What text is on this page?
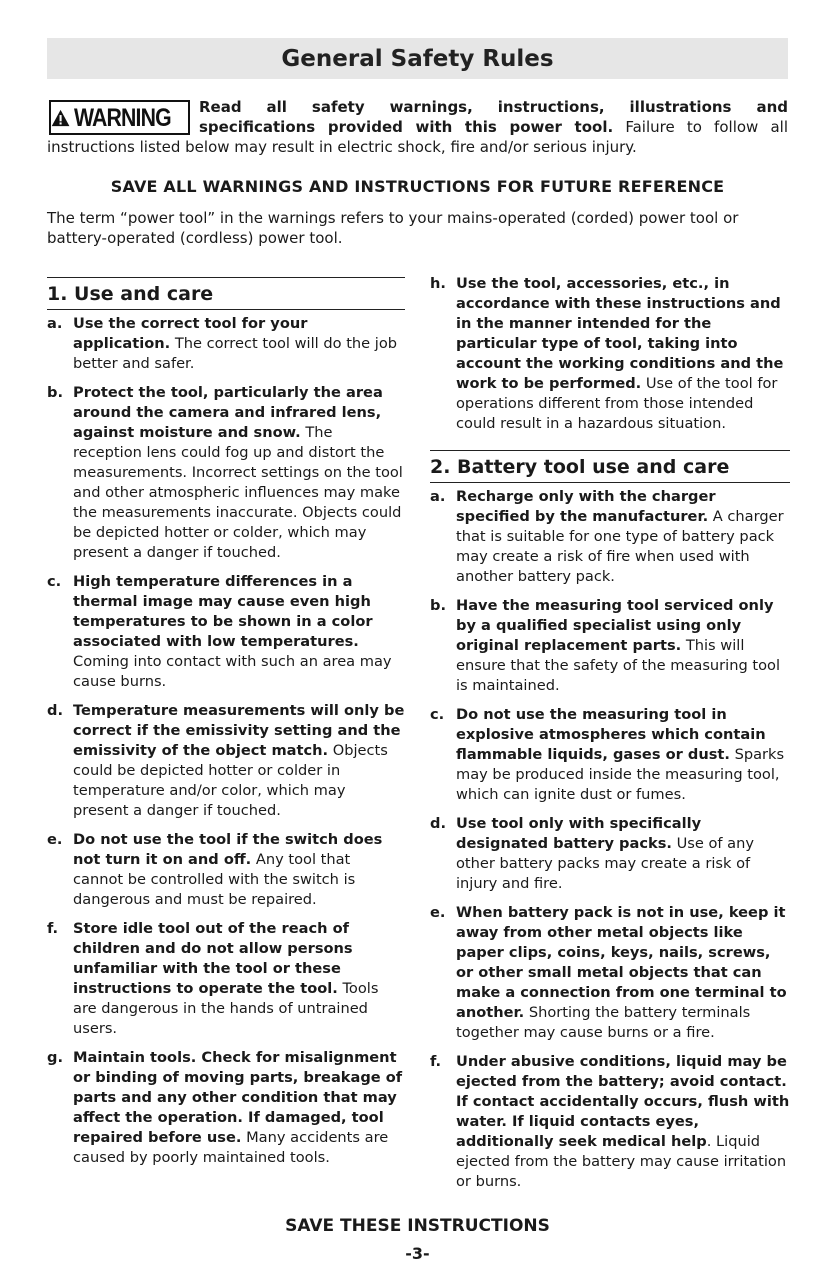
General Safety Rules
WARNING Read all safety warnings, instructions, illustrations and specifications provided with this power tool. Failure to follow all instructions listed below may result in electric shock, fire and/or serious injury.
SAVE ALL WARNINGS AND INSTRUCTIONS FOR FUTURE REFERENCE
The term “power tool” in the warnings refers to your mains-operated (corded) power tool or battery-operated (cordless) power tool.
1. Use and care
a. Use the correct tool for your application. The correct tool will do the job better and safer.
b. Protect the tool, particularly the area around the camera and infrared lens, against moisture and snow. The reception lens could fog up and distort the measurements. Incorrect settings on the tool and other atmospheric influences may make the measurements inaccurate. Objects could be depicted hotter or colder, which may present a danger if touched.
c. High temperature differences in a thermal image may cause even high temperatures to be shown in a color associated with low temperatures. Coming into contact with such an area may cause burns.
d. Temperature measurements will only be correct if the emissivity setting and the emissivity of the object match. Objects could be depicted hotter or colder in temperature and/or color, which may present a danger if touched.
e. Do not use the tool if the switch does not turn it on and off. Any tool that cannot be controlled with the switch is dangerous and must be repaired.
f.	Store idle tool out of the reach of children and do not allow persons unfamiliar with the tool or these instructions to operate the tool. Tools are dangerous in the hands of untrained users.
g. Maintain tools. Check for misalignment or binding of moving parts, breakage of parts and any other condition that may affect the operation. If damaged, tool repaired before use. Many accidents are caused by poorly maintained tools.
h. Use the tool, accessories, etc., in accordance with these instructions and in the manner intended for the particular type of tool, taking into account the working conditions and the work to be performed. Use of the tool for operations different from those intended could result in a hazardous situation.
2. Battery tool use and care
a. Recharge only with the charger specified by the manufacturer. A charger that is suitable for one type of battery pack may create a risk of fire when used with another battery pack.
b. Have the measuring tool serviced only by a qualified specialist using only original replacement parts. This will ensure that the safety of the measuring tool is maintained.
c. Do not use the measuring tool in explosive atmospheres which contain flammable liquids, gases or dust. Sparks may be produced inside the measuring tool, which can ignite dust or fumes.
d. Use tool only with specifically designated battery packs. Use of any other battery packs may create a risk of injury and fire.
e. When battery pack is not in use, keep it away from other metal objects like paper clips, coins, keys, nails, screws, or other small metal objects that can make a connection from one terminal to another. Shorting the battery terminals together may cause burns or a fire.
f.	Under abusive conditions, liquid may be ejected from the battery; avoid contact. If contact accidentally occurs, flush with water. If liquid contacts eyes, additionally seek medical help. Liquid ejected from the battery may cause irritation or burns.
SAVE THESE INSTRUCTIONS
-3-
